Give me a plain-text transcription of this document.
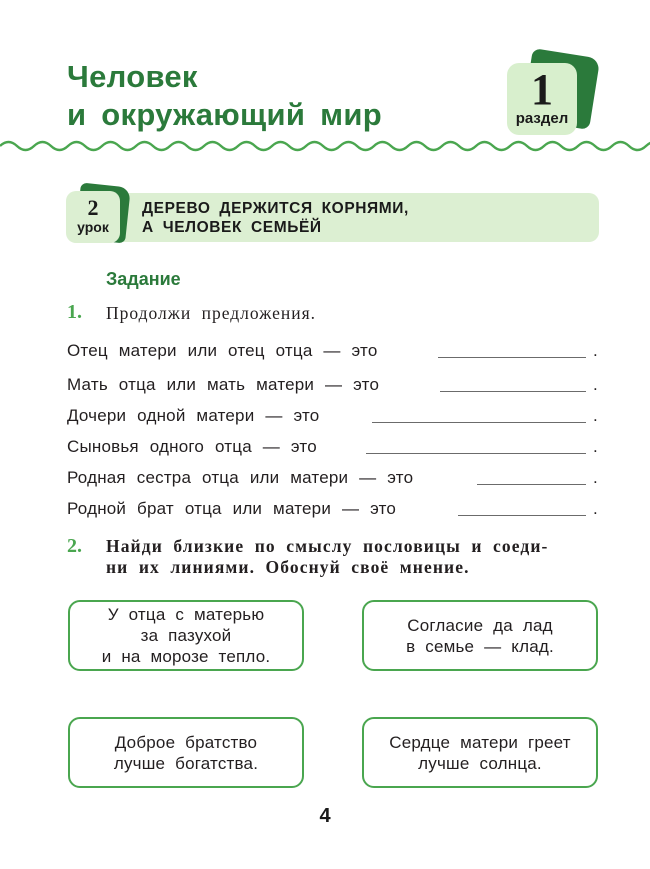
Человек
и окружающий мир
1
раздел
2
урок
ДЕРЕВО ДЕРЖИТСЯ КОРНЯМИ,
А ЧЕЛОВЕК СЕМЬЁЙ
Задание
1. Продолжи предложения.
Отец матери или отец отца — это	.
Мать отца или мать матери — это	.
Дочери одной матери — это	.
Сыновья одного отца — это	.
Родная сестра отца или матери — это	.
Родной брат отца или матери — это	.
2. Найди близкие по смыслу пословицы и соеди-
ни их линиями. Обоснуй своё мнение.
У отца с матерью
за пазухой
и на морозе тепло.
Согласие да лад
в семье — клад.
Доброе братство
лучше богатства.
Сердце матери греет
лучше солнца.
4
